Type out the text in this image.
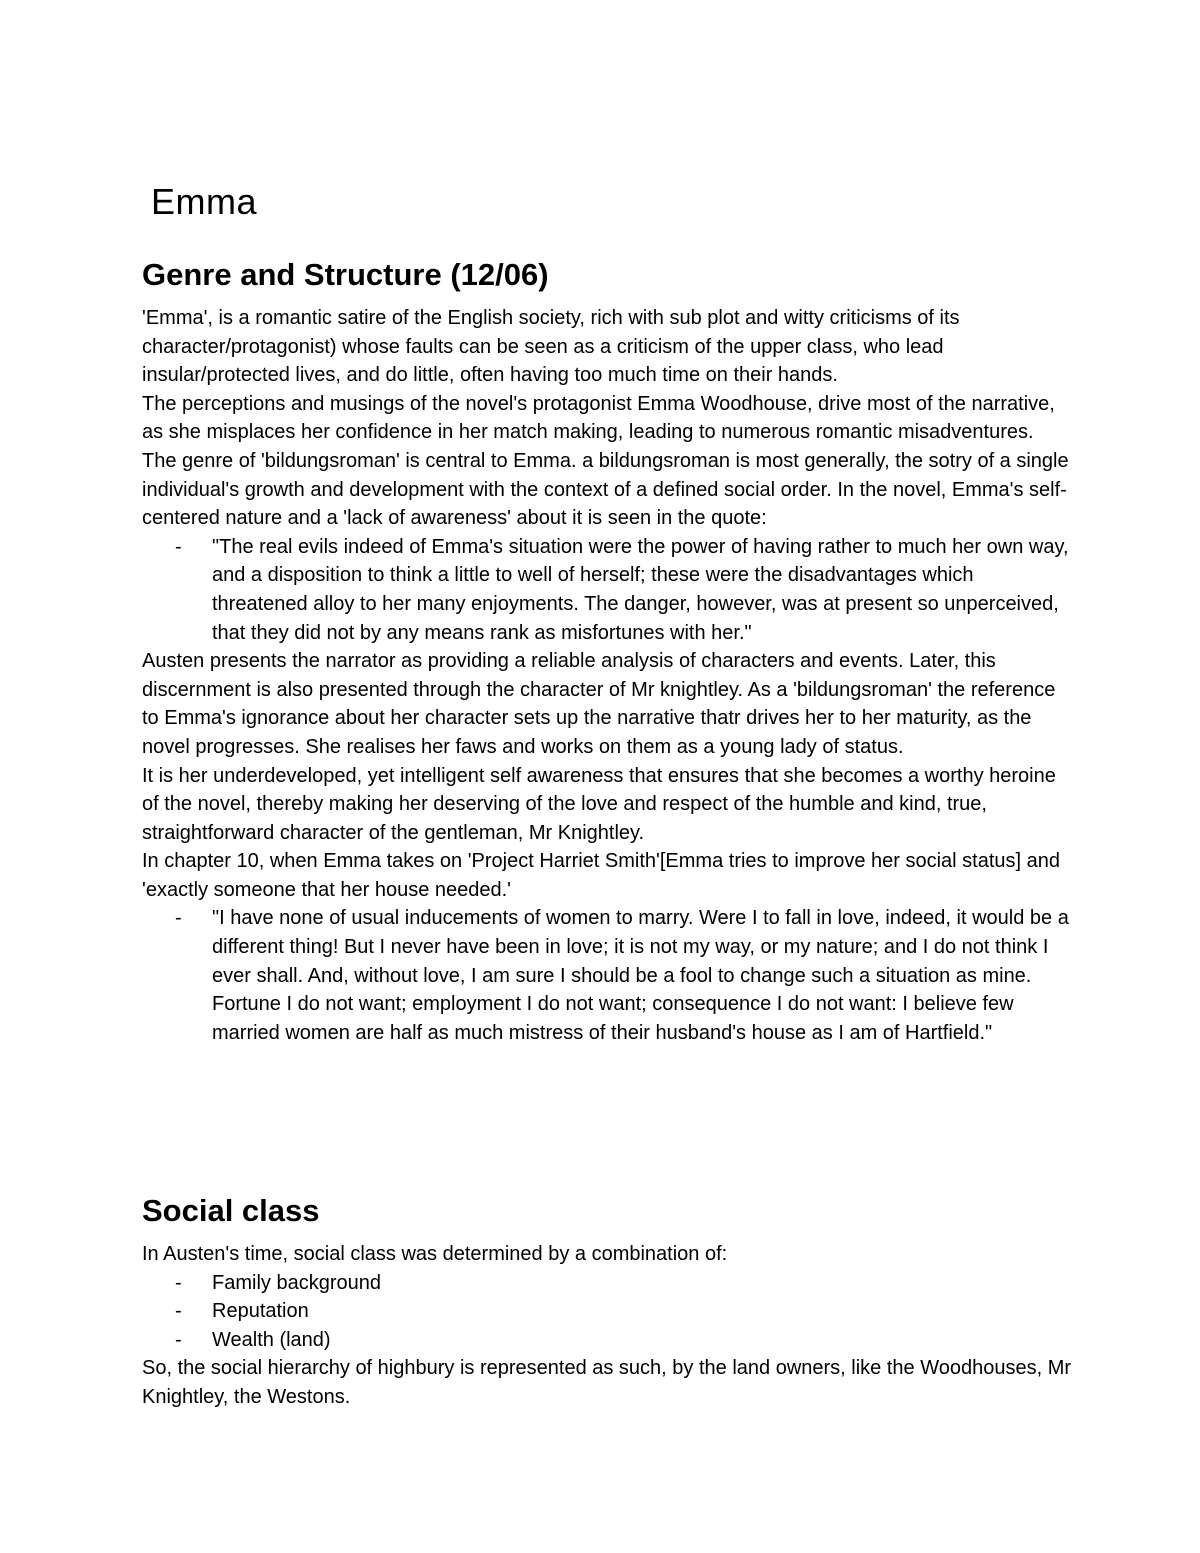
Emma
Genre and Structure (12/06)

'Emma', is a romantic satire of the English society, rich with sub plot and witty criticisms of its character/protagonist) whose faults can be seen as a criticism of the upper class, who lead insular/protected lives, and do little, often having too much time on their hands.

The perceptions and musings of the novel's protagonist Emma Woodhouse, drive most of the narrative, as she misplaces her confidence in her match making, leading to numerous romantic misadventures.

The genre of 'bildungsroman' is central to Emma. a bildungsroman is most generally, the sotry of a single individual's growth and development with the context of a defined social order. In the novel, Emma's self- centered nature and a 'lack of awareness' about it is seen in the quote:

- "The real evils indeed of Emma's situation were the power of having rather to much her own way, and a disposition to think a little to well of herself; these were the disadvantages which threatened alloy to her many enjoyments. The danger, however, was at present so unperceived, that they did not by any means rank as misfortunes with her."

Austen presents the narrator as providing a reliable analysis of characters and events. Later, this discernment is also presented through the character of Mr knightley. As a 'bildungsroman' the reference to Emma's ignorance about her character sets up the narrative thatr drives her to her maturity, as the novel progresses. She realises her faws and works on them as a young lady of status.

It is her underdeveloped, yet intelligent self awareness that ensures that she becomes a worthy heroine of the novel, thereby making her deserving of the love and respect of the humble and kind, true, straightforward character of the gentleman, Mr Knightley.

In chapter 10, when Emma takes on 'Project Harriet Smith'[Emma tries to improve her social status] and 'exactly someone that her house needed.'

- "I have none of usual inducements of women to marry. Were I to fall in love, indeed, it would be a different thing! But I never have been in love; it is not my way, or my nature; and I do not think I ever shall. And, without love, I am sure I should be a fool to change such a situation as mine. Fortune I do not want; employment I do not want; consequence I do not want: I believe few married women are half as much mistress of their husband's house as I am of Hartfield."
Social class

In Austen's time, social class was determined by a combination of:

- Family background
- Reputation
- Wealth (land)

So, the social hierarchy of highbury is represented as such, by the land owners, like the Woodhouses, Mr Knightley, the Westons.
